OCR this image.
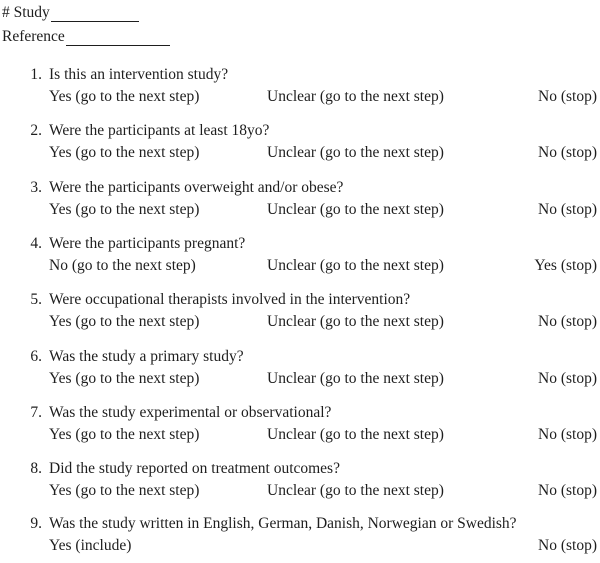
# Study
Reference
1. Is this an intervention study?
Yes (go to the next step)	Unclear (go to the next step)	No (stop)
2. Were the participants at least 18yo?
Yes (go to the next step)	Unclear (go to the next step)	No (stop)
3. Were the participants overweight and/or obese?
Yes (go to the next step)	Unclear (go to the next step)	No (stop)
4. Were the participants pregnant?
No (go to the next step)	Unclear (go to the next step)	Yes (stop)
5. Were occupational therapists involved in the intervention?
Yes (go to the next step)	Unclear (go to the next step)	No (stop)
6. Was the study a primary study?
Yes (go to the next step)	Unclear (go to the next step)	No (stop)
7. Was the study experimental or observational?
Yes (go to the next step)	Unclear (go to the next step)	No (stop)
8. Did the study reported on treatment outcomes?
Yes (go to the next step)	Unclear (go to the next step)	No (stop)
9. Was the study written in English, German, Danish, Norwegian or Swedish?
Yes (include)	No (stop)
